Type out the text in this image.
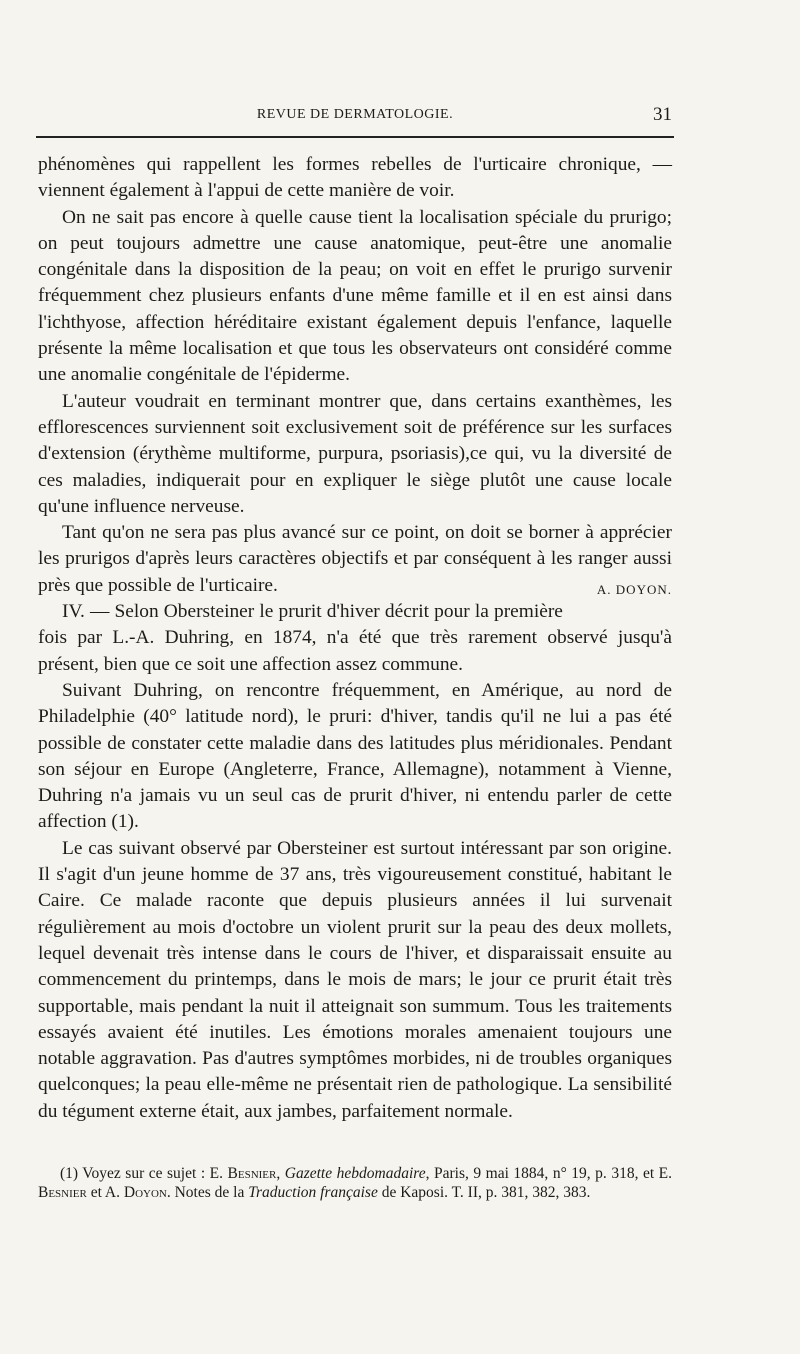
REVUE DE DERMATOLOGIE.	31

phénomènes qui rappellent les formes rebelles de l'urticaire chronique, — viennent également à l'appui de cette manière de voir.

On ne sait pas encore à quelle cause tient la localisation spéciale du prurigo; on peut toujours admettre une cause anatomique, peut-être une anomalie congénitale dans la disposition de la peau; on voit en effet le prurigo survenir fréquemment chez plusieurs enfants d'une même famille et il en est ainsi dans l'ichthyose, affection héréditaire existant également depuis l'enfance, laquelle présente la même localisation et que tous les observateurs ont considéré comme une anomalie congénitale de l'épiderme.

L'auteur voudrait en terminant montrer que, dans certains exanthèmes, les efflorescences surviennent soit exclusivement soit de préférence sur les surfaces d'extension (érythème multiforme, purpura, psoriasis),ce qui, vu la diversité de ces maladies, indiquerait pour en expliquer le siège plutôt une cause locale qu'une influence nerveuse.

Tant qu'on ne sera pas plus avancé sur ce point, on doit se borner à apprécier les prurigos d'après leurs caractères objectifs et par conséquent à les ranger aussi près que possible de l'urticaire.	A. DOYON.

IV. — Selon Obersteiner le prurit d'hiver décrit pour la première fois par L.-A. Duhring, en 1874, n'a été que très rarement observé jusqu'à présent, bien que ce soit une affection assez commune.

Suivant Duhring, on rencontre fréquemment, en Amérique, au nord de Philadelphie (40° latitude nord), le pruri: d'hiver, tandis qu'il ne lui a pas été possible de constater cette maladie dans des latitudes plus méridionales. Pendant son séjour en Europe (Angleterre, France, Allemagne), notamment à Vienne, Duhring n'a jamais vu un seul cas de prurit d'hiver, ni entendu parler de cette affection (1).

Le cas suivant observé par Obersteiner est surtout intéressant par son origine. Il s'agit d'un jeune homme de 37 ans, très vigoureusement constitué, habitant le Caire. Ce malade raconte que depuis plusieurs années il lui survenait régulièrement au mois d'octobre un violent prurit sur la peau des deux mollets, lequel devenait très intense dans le cours de l'hiver, et disparaissait ensuite au commencement du printemps, dans le mois de mars; le jour ce prurit était très supportable, mais pendant la nuit il atteignait son summum. Tous les traitements essayés avaient été inutiles. Les émotions morales amenaient toujours une notable aggravation. Pas d'autres symptômes morbides, ni de troubles organiques quelconques; la peau elle-même ne présentait rien de pathologique. La sensibilité du tégument externe était, aux jambes, parfaitement normale.

(1) Voyez sur ce sujet : E. Besnier, Gazette hebdomadaire, Paris, 9 mai 1884, n° 19, p. 318, et E. Besnier et A. Doyon. Notes de la Traduction française de Kaposi. T. II, p. 381, 382, 383.
